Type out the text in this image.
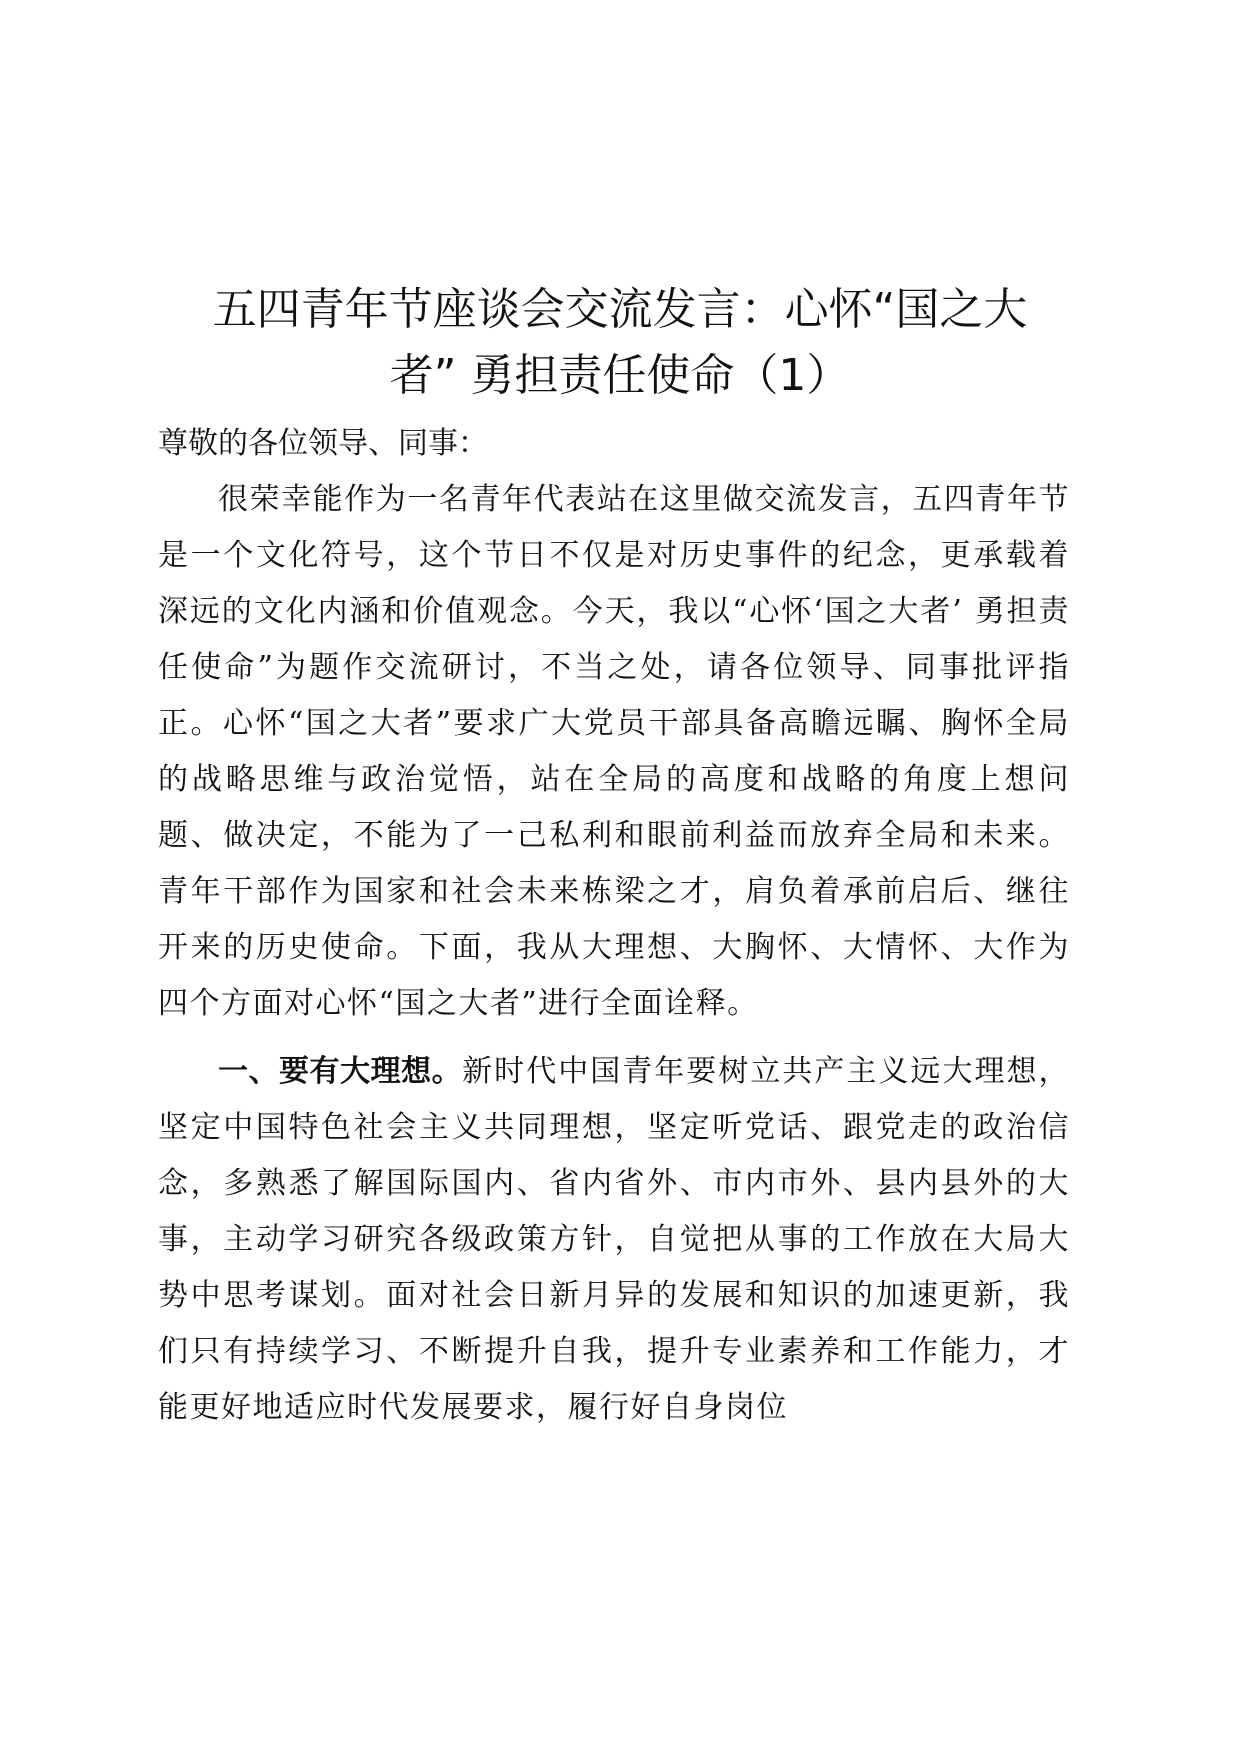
五四青年节座谈会交流发言：心怀“国之大
者” 勇担责任使命（1）

尊敬的各位领导、同事：

很荣幸能作为一名青年代表站在这里做交流发言，五四青年节是一个文化符号，这个节日不仅是对历史事件的纪念，更承载着深远的文化内涵和价值观念。今天，我以“心怀‘国之大者’ 勇担责任使命”为题作交流研讨，不当之处，请各位领导、同事批评指正。心怀“国之大者”要求广大党员干部具备高瞻远瞩、胸怀全局的战略思维与政治觉悟，站在全局的高度和战略的角度上想问题、做决定，不能为了一己私利和眼前利益而放弃全局和未来。青年干部作为国家和社会未来栋梁之才，肩负着承前启后、继往开来的历史使命。下面，我从大理想、大胸怀、大情怀、大作为四个方面对心怀“国之大者”进行全面诠释。

一、要有大理想。新时代中国青年要树立共产主义远大理想，坚定中国特色社会主义共同理想，坚定听党话、跟党走的政治信念，多熟悉了解国际国内、省内省外、市内市外、县内县外的大事，主动学习研究各级政策方针，自觉把从事的工作放在大局大势中思考谋划。面对社会日新月异的发展和知识的加速更新，我们只有持续学习、不断提升自我，提升专业素养和工作能力，才能更好地适应时代发展要求，履行好自身岗位
